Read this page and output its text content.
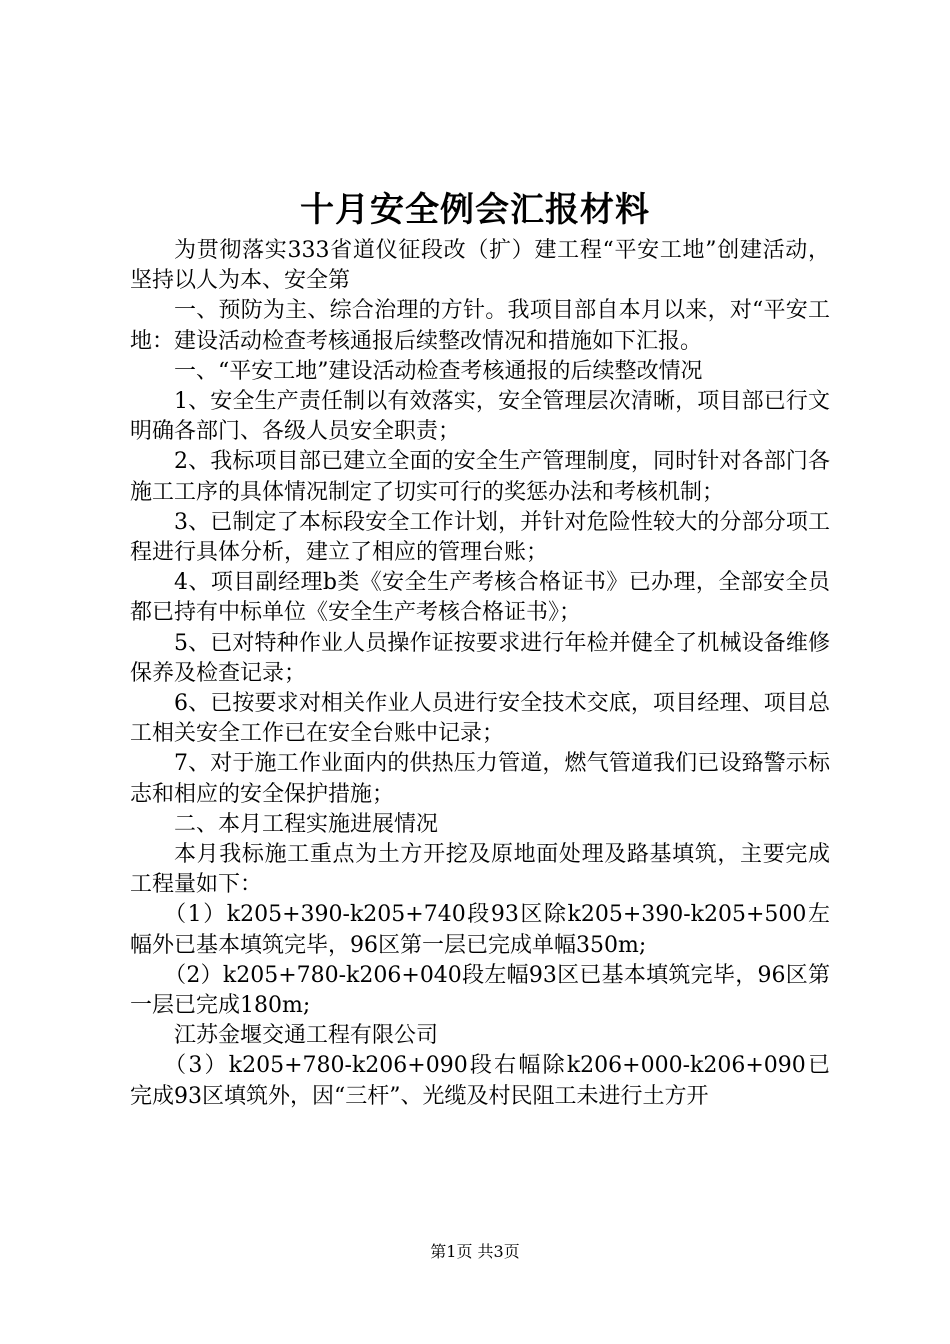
十月安全例会汇报材料

为贯彻落实333省道仪征段改（扩）建工程“平安工地”创建活动，坚持以人为本、安全第

一、预防为主、综合治理的方针。我项目部自本月以来，对“平安工地：建设活动检查考核通报后续整改情况和措施如下汇报。

一、“平安工地”建设活动检查考核通报的后续整改情况

1、安全生产责任制以有效落实，安全管理层次清晰，项目部已行文明确各部门、各级人员安全职责；

2、我标项目部已建立全面的安全生产管理制度，同时针对各部门各施工工序的具体情况制定了切实可行的奖惩办法和考核机制；

3、已制定了本标段安全工作计划，并针对危险性较大的分部分项工程进行具体分析，建立了相应的管理台账；

4、项目副经理b类《安全生产考核合格证书》已办理，全部安全员都已持有中标单位《安全生产考核合格证书》；

5、已对特种作业人员操作证按要求进行年检并健全了机械设备维修保养及检查记录；

6、已按要求对相关作业人员进行安全技术交底，项目经理、项目总工相关安全工作已在安全台账中记录；

7、对于施工作业面内的供热压力管道，燃气管道我们已设臵警示标志和相应的安全保护措施；

二、本月工程实施进展情况

本月我标施工重点为土方开挖及原地面处理及路基填筑，主要完成工程量如下：

（1）k205+390-k205+740段93区除k205+390-k205+500左幅外已基本填筑完毕，96区第一层已完成单幅350m;

（2）k205+780-k206+040段左幅93区已基本填筑完毕，96区第一层已完成180m;

江苏金堰交通工程有限公司

（3）k205+780-k206+090段右幅除k206+000-k206+090已完成93区填筑外，因“三杆”、光缆及村民阻工未进行土方开

第1页 共3页
